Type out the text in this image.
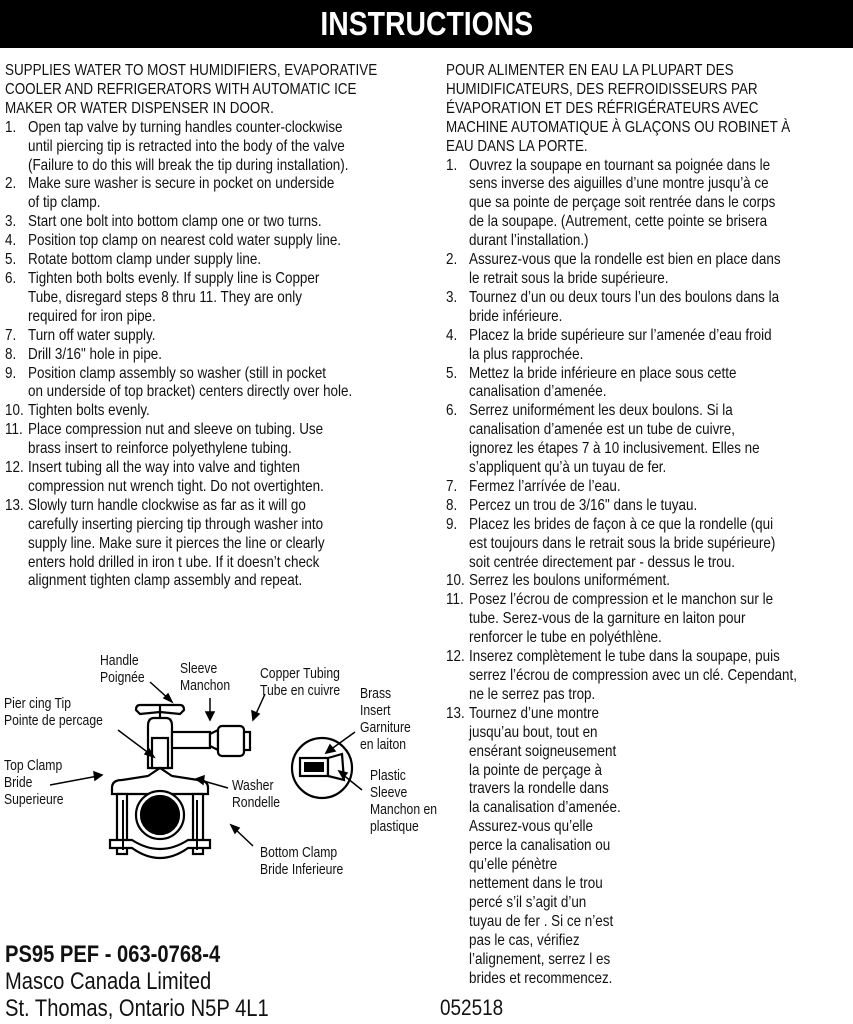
INSTRUCTIONS
SUPPLIES WATER TO MOST HUMIDIFIERS, EVAPORATIVE
COOLER AND REFRIGERATORS WITH AUTOMATIC ICE
MAKER OR WATER DISPENSER IN DOOR.
1. Open tap valve by turning handles counter-clockwise
until piercing tip is retracted into the body of the valve
(Failure to do this will break the tip during installation).
2. Make sure washer is secure in pocket on underside
of tip clamp.
3. Start one bolt into bottom clamp one or two turns.
4. Position top clamp on nearest cold water supply line.
5. Rotate bottom clamp under supply line.
6. Tighten both bolts evenly. If supply line is Copper
Tube, disregard steps 8 thru 11. They are only
required for iron pipe.
7. Turn off water supply.
8. Drill 3/16" hole in pipe.
9. Position clamp assembly so washer (still in pocket
on underside of top bracket) centers directly over hole.
10. Tighten bolts evenly.
11. Place compression nut and sleeve on tubing. Use
brass insert to reinforce polyethylene tubing.
12. Insert tubing all the way into valve and tighten
compression nut wrench tight. Do not overtighten.
13. Slowly turn handle clockwise as far as it will go
carefully inserting piercing tip through washer into
supply line. Make sure it pierces the line or clearly
enters hold drilled in iron t ube. If it doesn’t check
alignment tighten clamp assembly and repeat.
POUR ALIMENTER EN EAU LA PLUPART DES
HUMIDIFICATEURS, DES REFROIDISSEURS PAR
ÉVAPORATION ET DES RÉFRIGÉRATEURS AVEC
MACHINE AUTOMATIQUE À GLAÇONS OU ROBINET À
EAU DANS LA PORTE.
1. Ouvrez la soupape en tournant sa poignée dans le
sens inverse des aiguilles d’une montre jusqu’à ce
que sa pointe de perçage soit rentrée dans le corps
de la soupape. (Autrement, cette pointe se brisera
durant l’installation.)
2. Assurez-vous que la rondelle est bien en place dans
le retrait sous la bride supérieure.
3. Tournez d’un ou deux tours l’un des boulons dans la
bride inférieure.
4. Placez la bride supérieure sur l’amenée d’eau froid
la plus rapprochée.
5. Mettez la bride inférieure en place sous cette
canalisation d’amenée.
6. Serrez uniformément les deux boulons. Si la
canalisation d’amenée est un tube de cuivre,
ignorez les étapes 7 à 10 inclusivement. Elles ne
s’appliquent qu’à un tuyau de fer.
7. Fermez l’arrívée de l’eau.
8. Percez un trou de 3/16" dans le tuyau.
9. Placez les brides de façon à ce que la rondelle (qui
est toujours dans le retrait sous la bride supérieure)
soit centrée directement par - dessus le trou.
10. Serrez les boulons uniformément.
11. Posez l’écrou de compression et le manchon sur le
tube. Serez-vous de la garniture en laiton pour
renforcer le tube en polyéthlène.
12. Inserez complètement le tube dans la soupape, puis
serrez l’écrou de compression avec un clé. Cependant,
ne le serrez pas trop.
13. Tournez d’une montre
jusqu’au bout, tout en
ensérant soigneusement
la pointe de perçage à
travers la rondelle dans
la canalisation d’amenée.
Assurez-vous qu’elle
perce la canalisation ou
qu’elle pénètre
nettement dans le trou
percé s’il s’agit d’un
tuyau de fer . Si ce n’est
pas le cas, vérifiez
l’alignement, serrez l es
brides et recommencez.
Handle
Poignée
Sleeve
Manchon
Copper Tubing
Tube en cuivre
Pier cing Tip
Pointe de percage
Brass
Insert
Garniture
en laiton
Top Clamp
Bride
Superieure
Washer
Rondelle
Plastic
Sleeve
Manchon en
plastique
Bottom Clamp
Bride Inferieure
PS95 PEF - 063-0768-4
Masco Canada Limited
St. Thomas, Ontario N5P 4L1	052518
